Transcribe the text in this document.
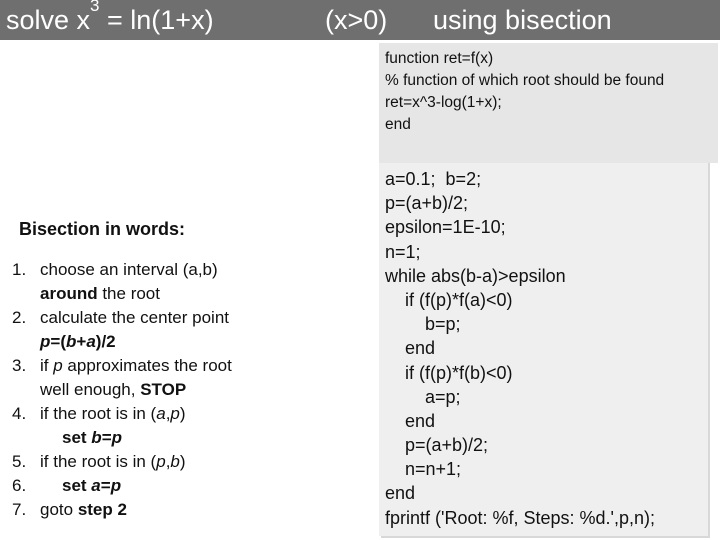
solve $x^3 = \ln(1+x)$	(x>0) using bisection

a=0.1;  b=2;
p=(a+b)/2;
epsilon=1E-10;
n=1;
while abs(b-a)>epsilon
if (f(p)*f(a)<0)
b=p;
end
if (f(p)*f(b)<0)
a=p;
end
p=(a+b)/2;
n=n+1;
end
fprintf ('Root: %f, Steps: %d.',p,n);

function ret=f(x)
% function of which root should be found
ret=x^3-log(1+x);
end
Bisection in words:
1. choose an interval (a,b)
around the root
2. calculate the center point
p=(b+a)/2
3. if p approximates the root
well enough, STOP
4. if the root is in (a,p)
set b=p
5. if the root is in (p,b)
6.	set a=p
7. goto step 2
